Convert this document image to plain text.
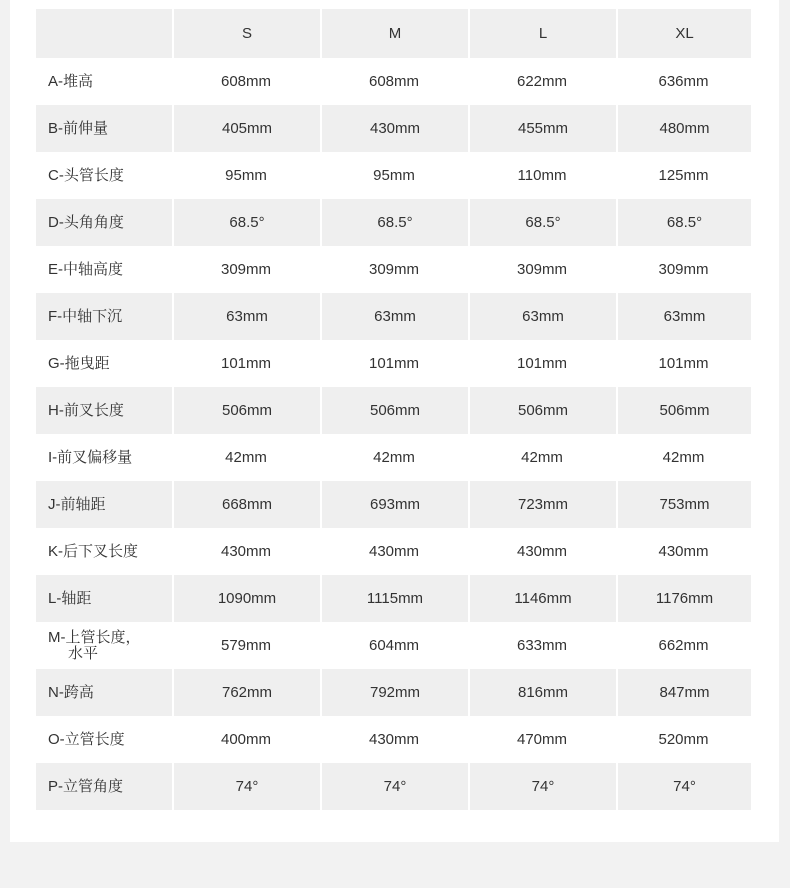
	S	M	L	XL
A-堆高	608mm	608mm	622mm	636mm
B-前伸量	405mm	430mm	455mm	480mm
C-头管长度	95mm	95mm	110mm	125mm
D-头角角度	68.5°	68.5°	68.5°	68.5°
E-中轴高度	309mm	309mm	309mm	309mm
F-中轴下沉	63mm	63mm	63mm	63mm
G-拖曳距	101mm	101mm	101mm	101mm
H-前叉长度	506mm	506mm	506mm	506mm
I-前叉偏移量	42mm	42mm	42mm	42mm
J-前轴距	668mm	693mm	723mm	753mm
K-后下叉长度	430mm	430mm	430mm	430mm
L-轴距	1090mm	1115mm	1146mm	1176mm
M-上管长度，
水平	579mm	604mm	633mm	662mm
N-跨高	762mm	792mm	816mm	847mm
O-立管长度	400mm	430mm	470mm	520mm
P-立管角度	74°	74°	74°	74°
